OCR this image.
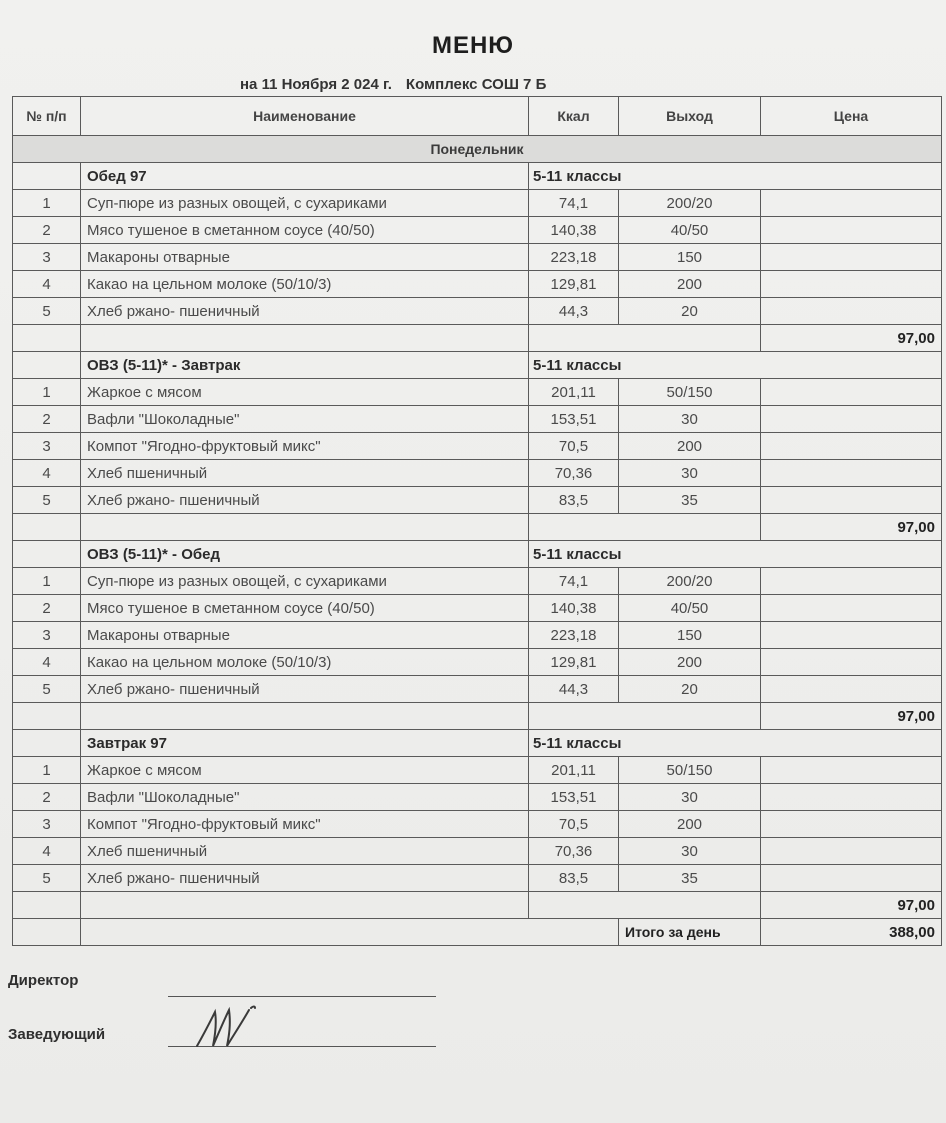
МЕНЮ
на 11 Ноября 2 024 г. Комплекс СОШ 7 Б
№ п/п	Наименование	Ккал	Выход	Цена
Понедельник				
	Обед 97	5-11 классы		
1	Суп-пюре из разных овощей, с сухариками	74,1	200/20	
2	Мясо тушеное в сметанном соусе (40/50)	140,38	40/50	
3	Макароны отварные	223,18	150	
4	Какао на цельном молоке (50/10/3)	129,81	200	
5	Хлеб ржано- пшеничный	44,3	20	
				97,00
	ОВЗ (5-11)* - Завтрак	5-11 классы		
1	Жаркое с мясом	201,11	50/150	
2	Вафли "Шоколадные"	153,51	30	
3	Компот "Ягодно-фруктовый микс"	70,5	200	
4	Хлеб пшеничный	70,36	30	
5	Хлеб ржано- пшеничный	83,5	35	
				97,00
	ОВЗ (5-11)* - Обед	5-11 классы		
1	Суп-пюре из разных овощей, с сухариками	74,1	200/20	
2	Мясо тушеное в сметанном соусе (40/50)	140,38	40/50	
3	Макароны отварные	223,18	150	
4	Какао на цельном молоке (50/10/3)	129,81	200	
5	Хлеб ржано- пшеничный	44,3	20	
				97,00
	Завтрак 97	5-11 классы		
1	Жаркое с мясом	201,11	50/150	
2	Вафли "Шоколадные"	153,51	30	
3	Компот "Ягодно-фруктовый микс"	70,5	200	
4	Хлеб пшеничный	70,36	30	
5	Хлеб ржано- пшеничный	83,5	35	
				97,00
			Итого за день	388,00
Директор
Заведующий
